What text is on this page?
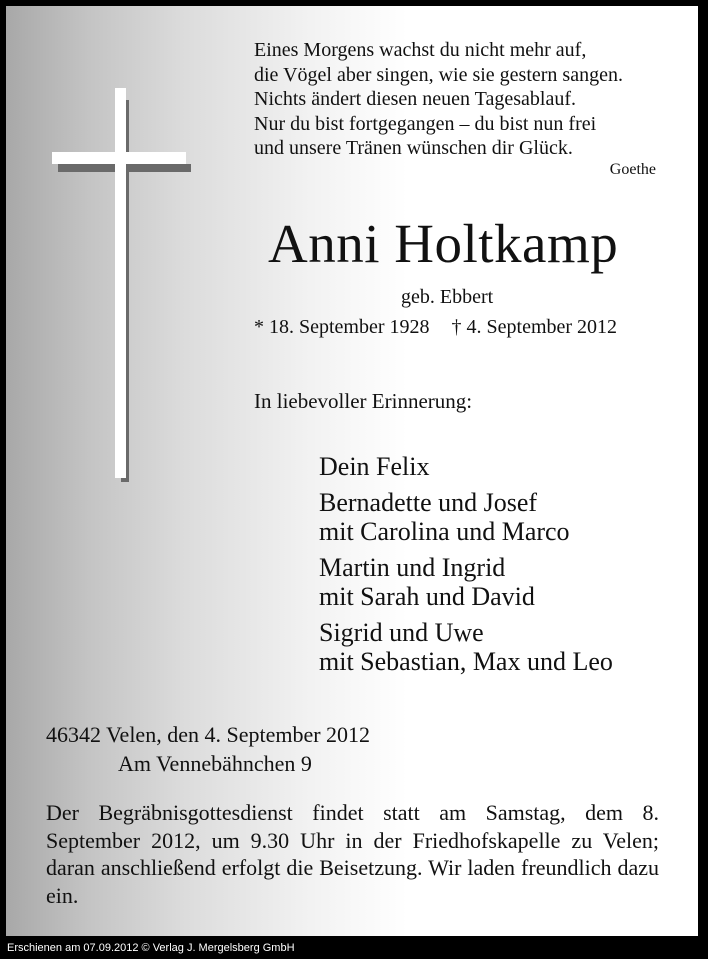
Eines Morgens wachst du nicht mehr auf,
die Vögel aber singen, wie sie gestern sangen.
Nichts ändert diesen neuen Tagesablauf.
Nur du bist fortgegangen – du bist nun frei
und unsere Tränen wünschen dir Glück.
Goethe
Anni Holtkamp
geb. Ebbert
* 18. September 1928 † 4. September 2012
In liebevoller Erinnerung:
Dein Felix
Bernadette und Josef
mit Carolina und Marco
Martin und Ingrid
mit Sarah und David
Sigrid und Uwe
mit Sebastian, Max und Leo
46342 Velen, den 4. September 2012
Am Vennebähnchen 9

Der Begräbnisgottesdienst findet statt am Samstag, dem 8. September 2012, um 9.30 Uhr in der Friedhofskapelle zu Velen; daran anschließend erfolgt die Beisetzung. Wir laden freundlich dazu ein.

Erschienen am 07.09.2012 © Verlag J. Mergelsberg GmbH
